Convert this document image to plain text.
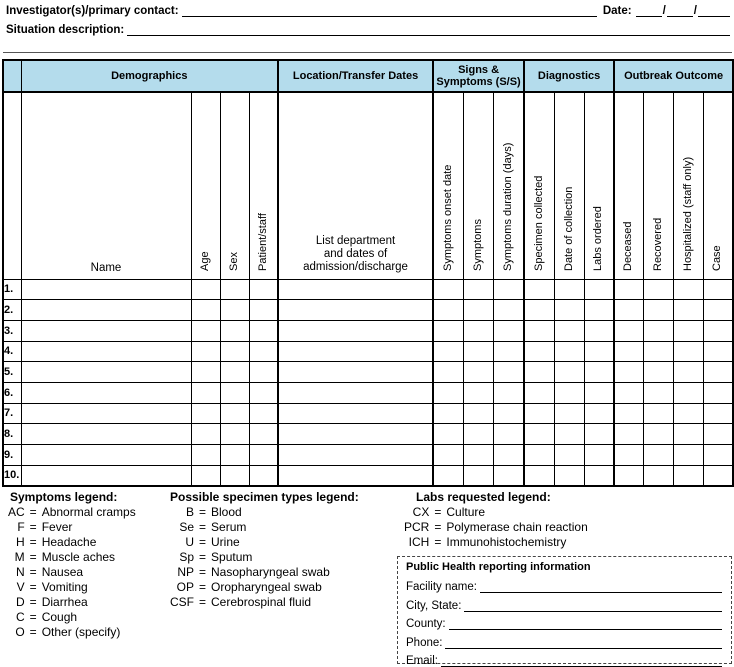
Investigator(s)/primary contact:	Date:	/ /
Situation description:
	Demographics				Location/Transfer Dates	Signs & Symptoms (S/S)			Diagnostics			Outbreak Outcome			

	Name	Age	Sex	Patient/staff	List department
and dates of
admission/discharge	Symptoms onset date	Symptoms	Symptoms duration (days)	Specimen collected	Date of collection	Labs ordered	Deceased	Recovered	Hospitalized (staff only)	Case

1.															
2.															
3.															
4.															
5.															
6.															
7.															
8.															
9.															
10.															
Symptoms legend:
AC = Abnormal cramps
F = Fever
H = Headache
M = Muscle aches
N = Nausea
V = Vomiting
D = Diarrhea
C = Cough
O = Other (specify)
Possible specimen types legend:
B = Blood
Se = Serum
U = Urine
Sp = Sputum
NP = Nasopharyngeal swab
OP = Oropharyngeal swab
CSF = Cerebrospinal fluid
Labs requested legend:
CX = Culture
PCR = Polymerase chain reaction
ICH = Immunohistochemistry
Public Health reporting information
Facility name:
City, State:
County:
Phone:
Email:
